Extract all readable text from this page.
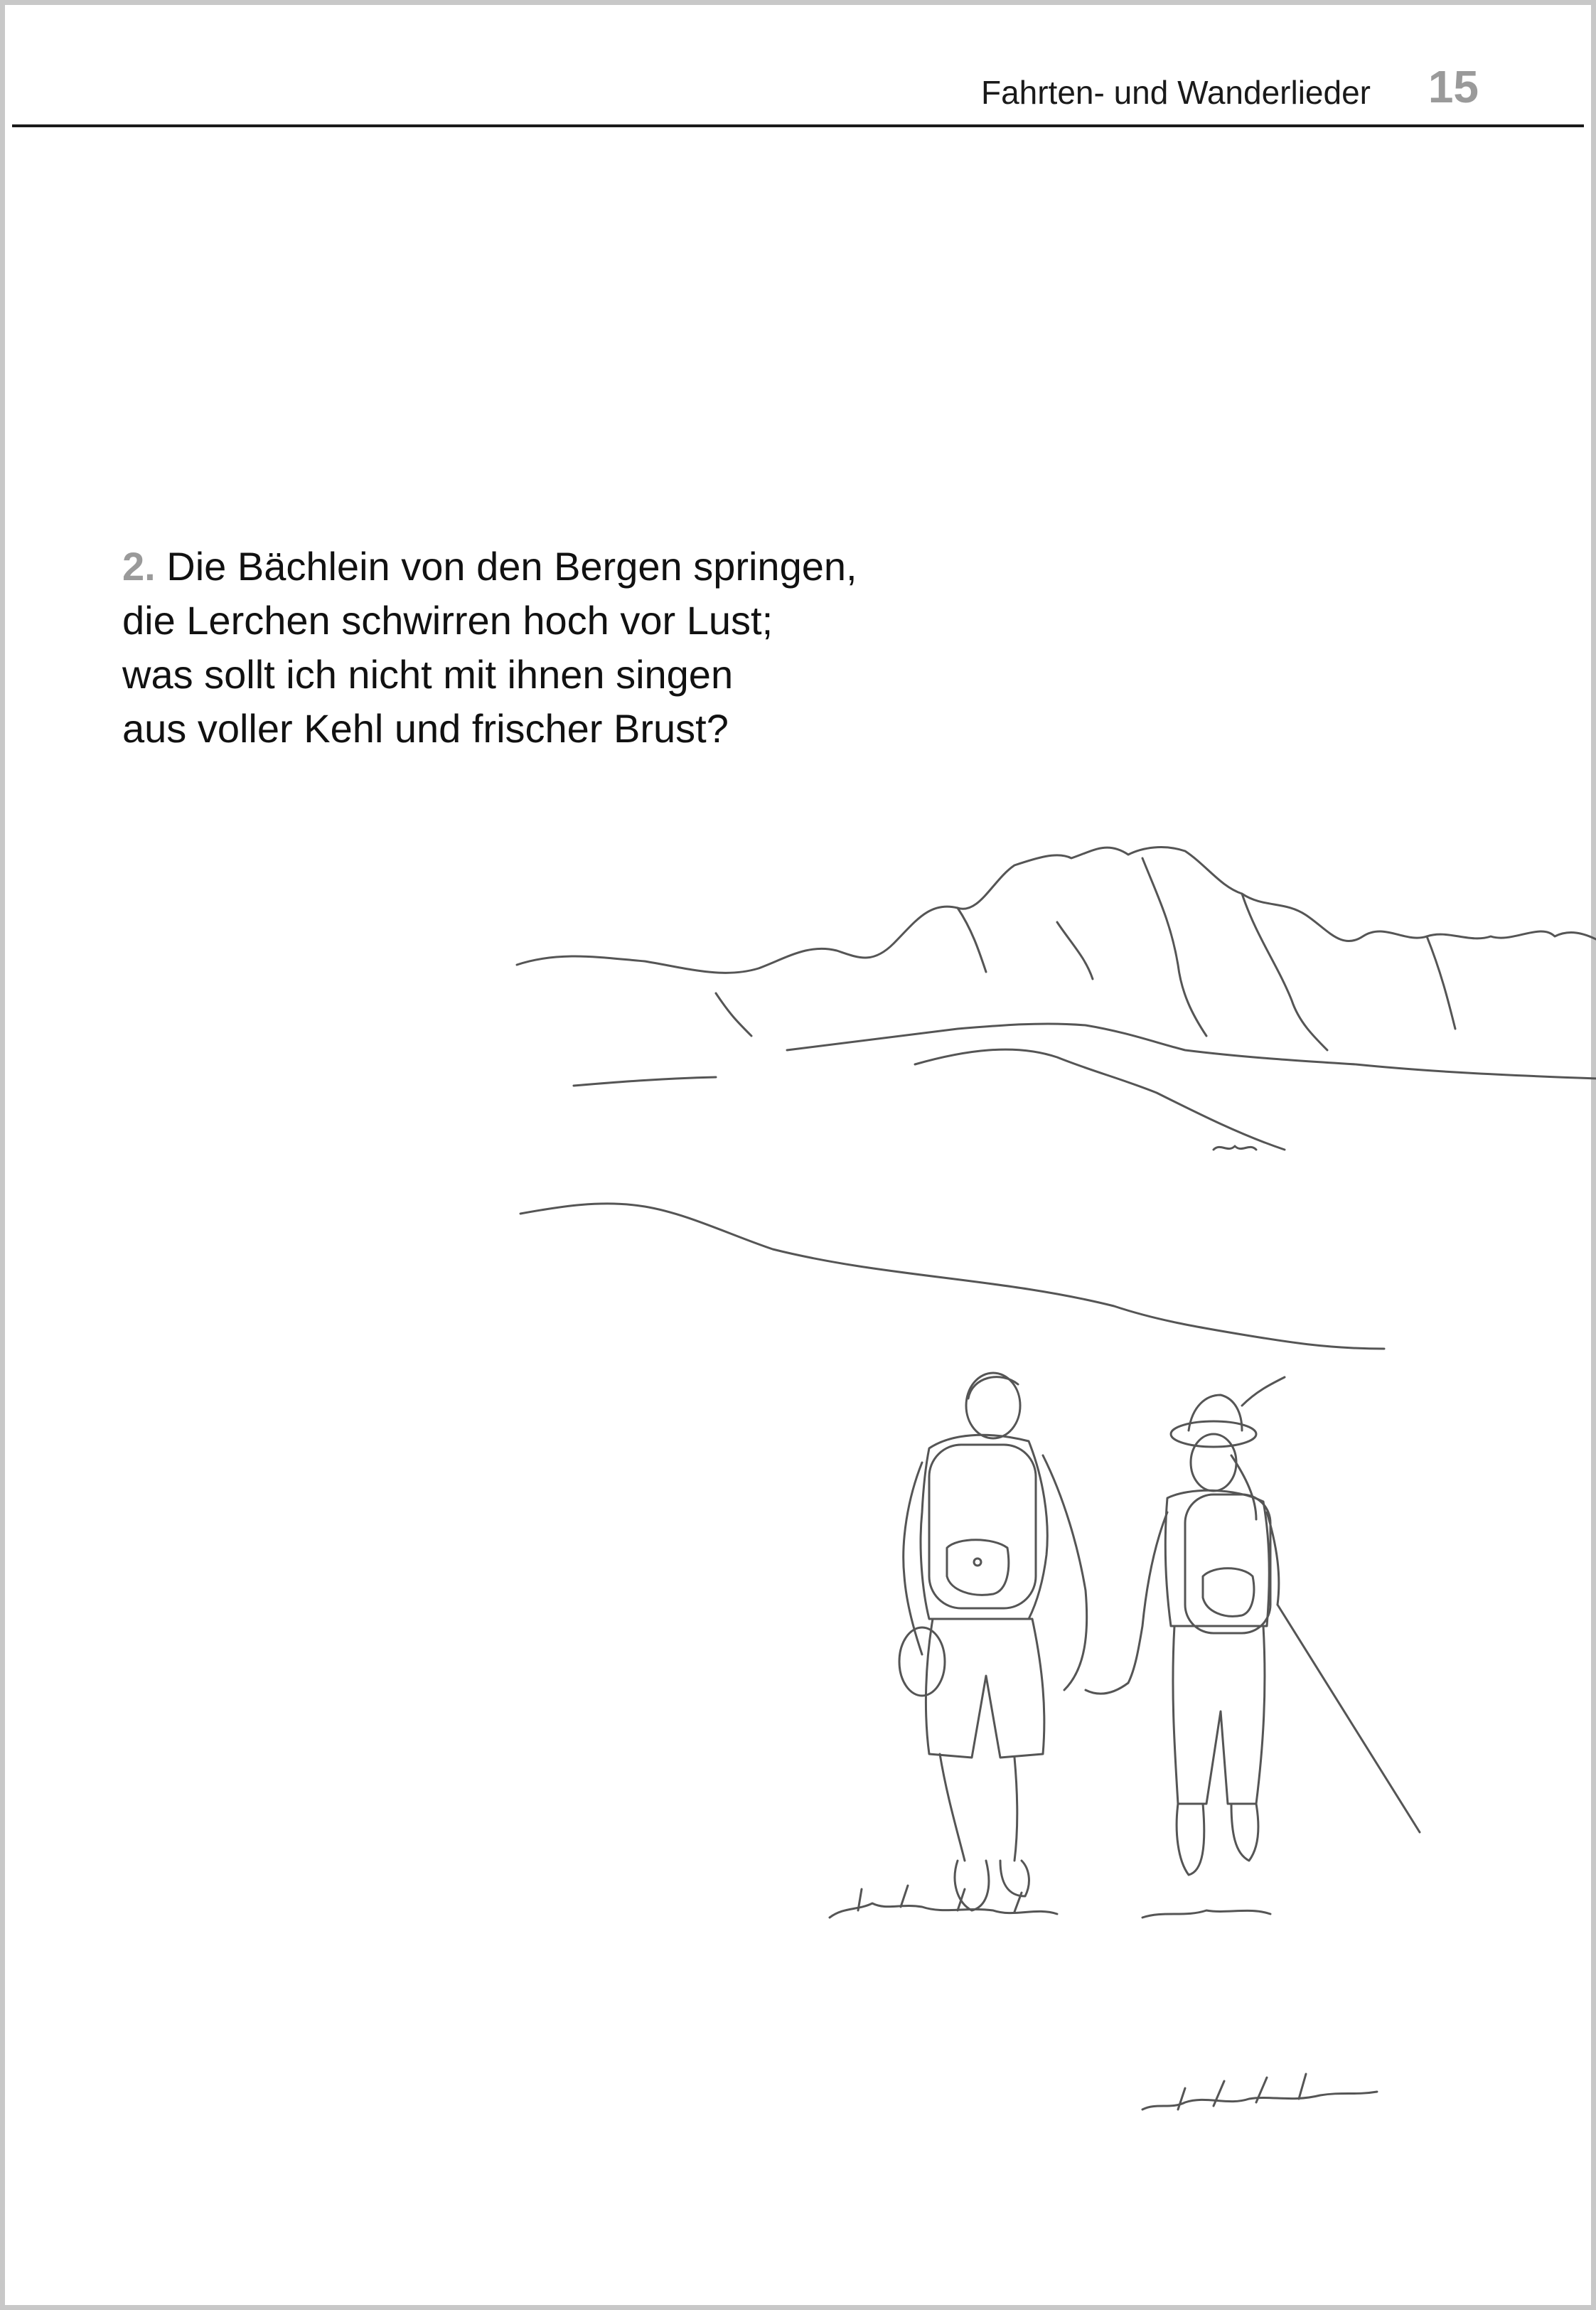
Fahrten- und Wanderlieder 15
2. Die Bächlein von den Bergen springen,
die Lerchen schwirren hoch vor Lust;
was sollt ich nicht mit ihnen singen
aus voller Kehl und frischer Brust?
